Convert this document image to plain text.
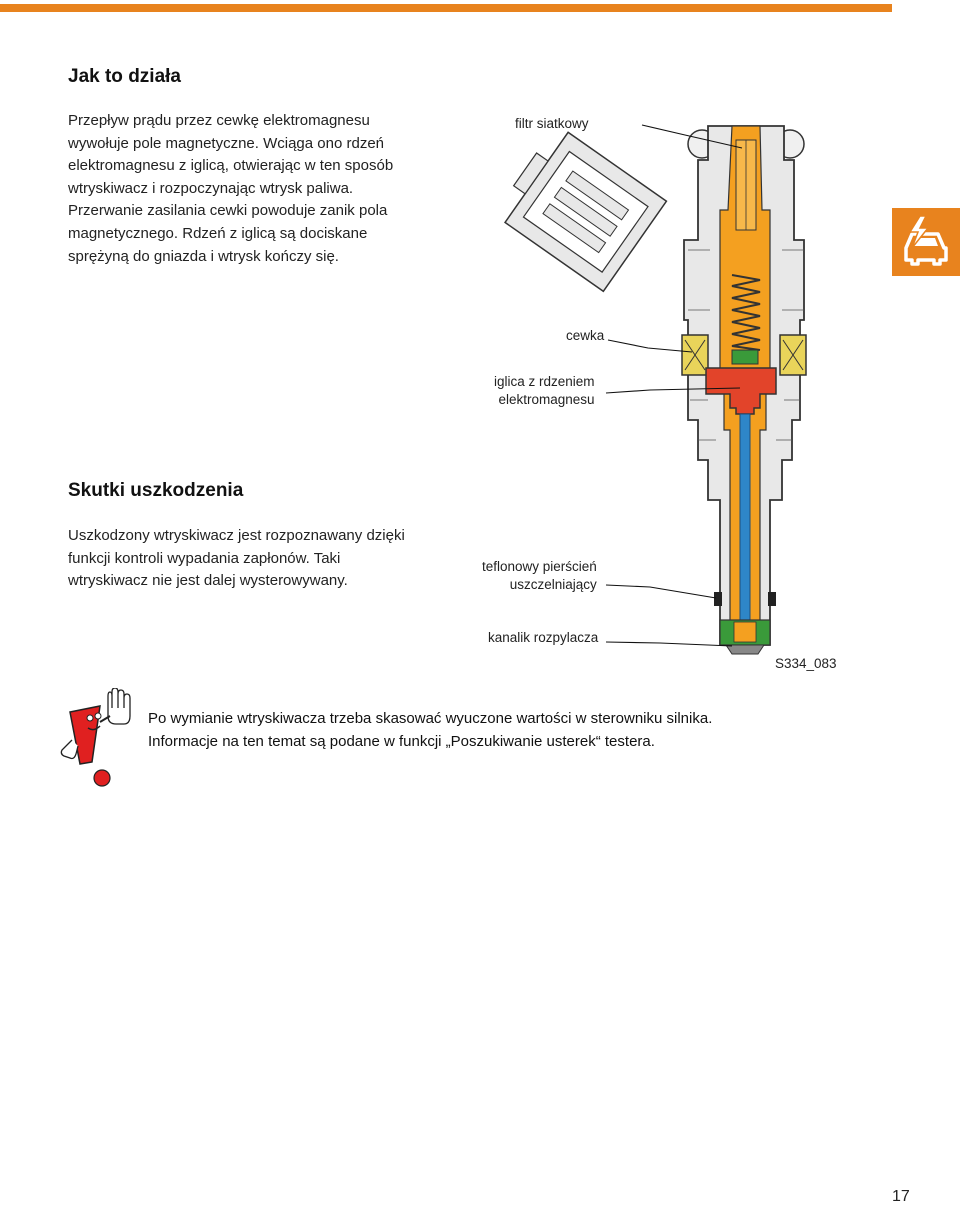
Jak to działa
Przepływ prądu przez cewkę elektromagnesu
wywołuje pole magnetyczne. Wciąga ono rdzeń
elektromagnesu z iglicą, otwierając w ten sposób
wtryskiwacz i rozpoczynając wtrysk paliwa.
Przerwanie zasilania cewki powoduje zanik pola
magnetycznego. Rdzeń z iglicą są dociskane
sprężyną do gniazda i wtrysk kończy się.
Skutki uszkodzenia
Uszkodzony wtryskiwacz jest rozpoznawany dzięki
funkcji kontroli wypadania zapłonów. Taki
wtryskiwacz nie jest dalej wysterowywany.
filtr siatkowy
cewka
iglica z rdzeniem
elektromagnesu
teflonowy pierścień
uszczelniający
kanalik rozpylacza
S334_083
Po wymianie wtryskiwacza trzeba skasować wyuczone wartości w sterowniku silnika.
Informacje na ten temat są podane w funkcji „Poszukiwanie usterek“ testera.
17
